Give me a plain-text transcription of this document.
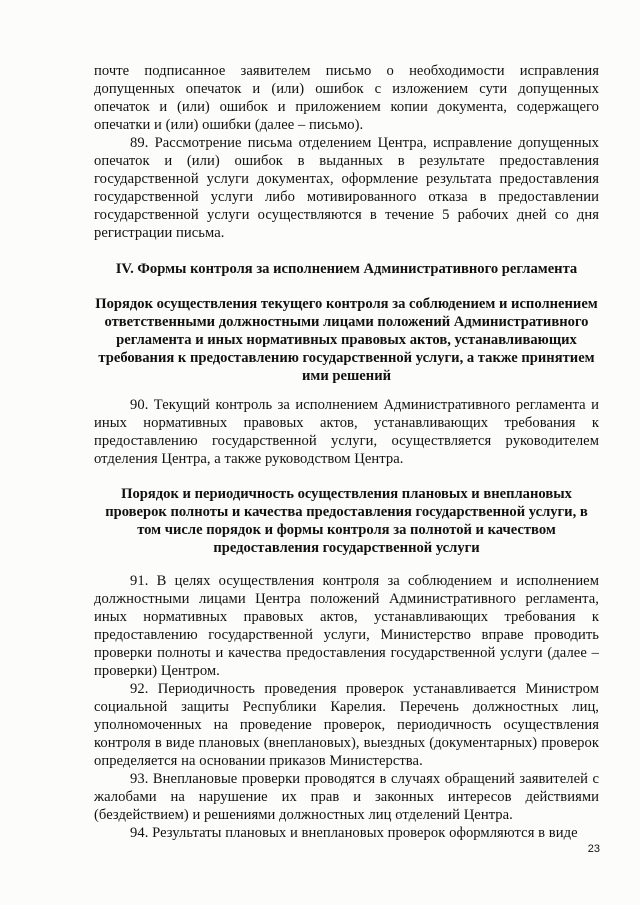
почте подписанное заявителем письмо о необходимости исправления допущенных опечаток и (или) ошибок с изложением сути допущенных опечаток и (или) ошибок и приложением копии документа, содержащего опечатки и (или) ошибки (далее – письмо).

89. Рассмотрение письма отделением Центра, исправление допущенных опечаток и (или) ошибок в выданных в результате предоставления государственной услуги документах, оформление результата предоставления государственной услуги либо мотивированного отказа в предоставлении государственной услуги осуществляются в течение 5 рабочих дней со дня регистрации письма.

IV. Формы контроля за исполнением Административного регламента
Порядок осуществления текущего контроля за соблюдением и исполнением ответственными должностными лицами положений Административного регламента и иных нормативных правовых актов, устанавливающих требования к предоставлению государственной услуги, а также принятием ими решений

90. Текущий контроль за исполнением Административного регламента и иных нормативных правовых актов, устанавливающих требования к предоставлению государственной услуги, осуществляется руководителем отделения Центра, а также руководством Центра.

Порядок и периодичность осуществления плановых и внеплановых проверок полноты и качества предоставления государственной услуги, в том числе порядок и формы контроля за полнотой и качеством предоставления государственной услуги

91. В целях осуществления контроля за соблюдением и исполнением должностными лицами Центра положений Административного регламента, иных нормативных правовых актов, устанавливающих требования к предоставлению государственной услуги, Министерство вправе проводить проверки полноты и качества предоставления государственной услуги (далее – проверки) Центром.

92. Периодичность проведения проверок устанавливается Министром социальной защиты Республики Карелия. Перечень должностных лиц, уполномоченных на проведение проверок, периодичность осуществления контроля в виде плановых (внеплановых), выездных (документарных) проверок определяется на основании приказов Министерства.

93. Внеплановые проверки проводятся в случаях обращений заявителей с жалобами на нарушение их прав и законных интересов действиями (бездействием) и решениями должностных лиц отделений Центра.

94. Результаты плановых и внеплановых проверок оформляются в виде

23
